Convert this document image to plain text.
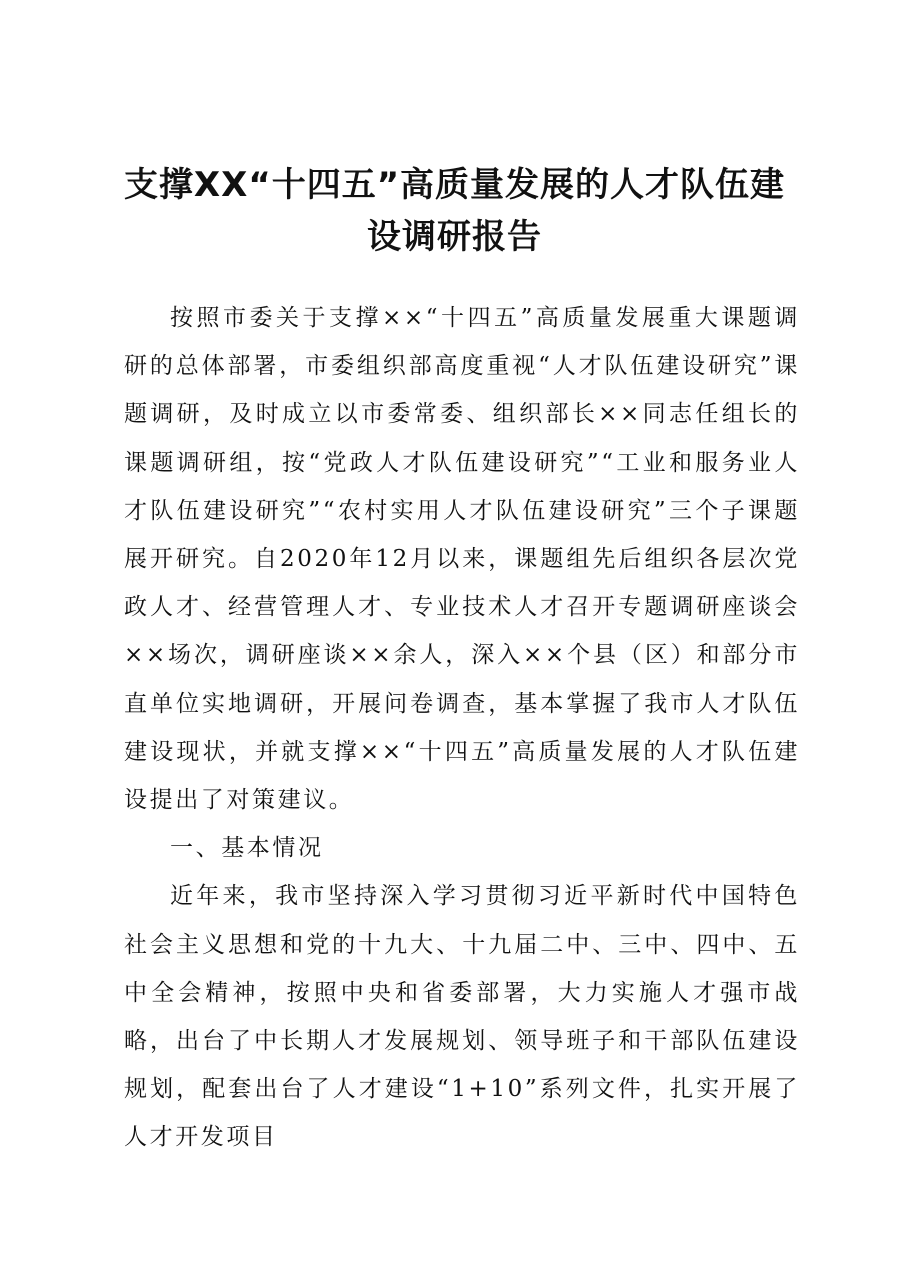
支撑XX“十四五”高质量发展的人才队伍建
设调研报告

按照市委关于支撑××“十四五”高质量发展重大课题调研的总体部署，市委组织部高度重视“人才队伍建设研究”课题调研，及时成立以市委常委、组织部长××同志任组长的课题调研组，按“党政人才队伍建设研究”“工业和服务业人才队伍建设研究”“农村实用人才队伍建设研究”三个子课题展开研究。自2020年12月以来，课题组先后组织各层次党政人才、经营管理人才、专业技术人才召开专题调研座谈会××场次，调研座谈××余人，深入××个县（区）和部分市直单位实地调研，开展问卷调查，基本掌握了我市人才队伍建设现状，并就支撑××“十四五”高质量发展的人才队伍建设提出了对策建议。

一、基本情况

近年来，我市坚持深入学习贯彻习近平新时代中国特色社会主义思想和党的十九大、十九届二中、三中、四中、五中全会精神，按照中央和省委部署，大力实施人才强市战略，出台了中长期人才发展规划、领导班子和干部队伍建设规划，配套出台了人才建设“1+10”系列文件，扎实开展了人才开发项目
